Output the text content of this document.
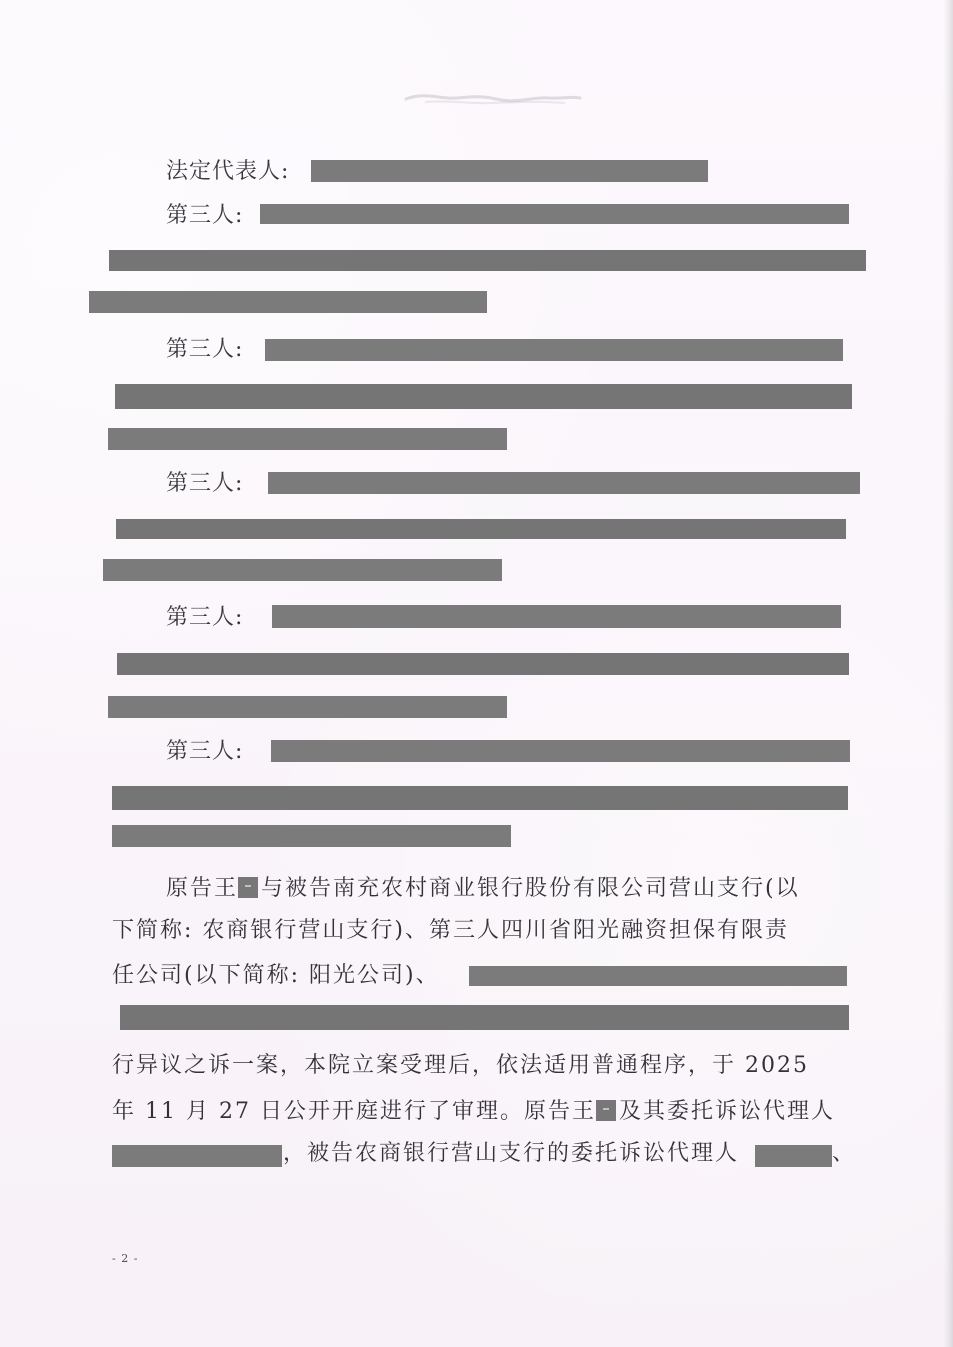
法定代表人:
第三人:
第三人:
第三人:
第三人:
第三人:
原告王 与被告南充农村商业银行股份有限公司营山支行(以
下简称: 农商银行营山支行)、第三人四川省阳光融资担保有限责
任公司(以下简称: 阳光公司)、
行异议之诉一案，本院立案受理后，依法适用普通程序，于 2025
年 11 月 27 日公开开庭进行了审理。原告王 及其委托诉讼代理人
，被告农商银行营山支行的委托诉讼代理人	、
- 2 -
